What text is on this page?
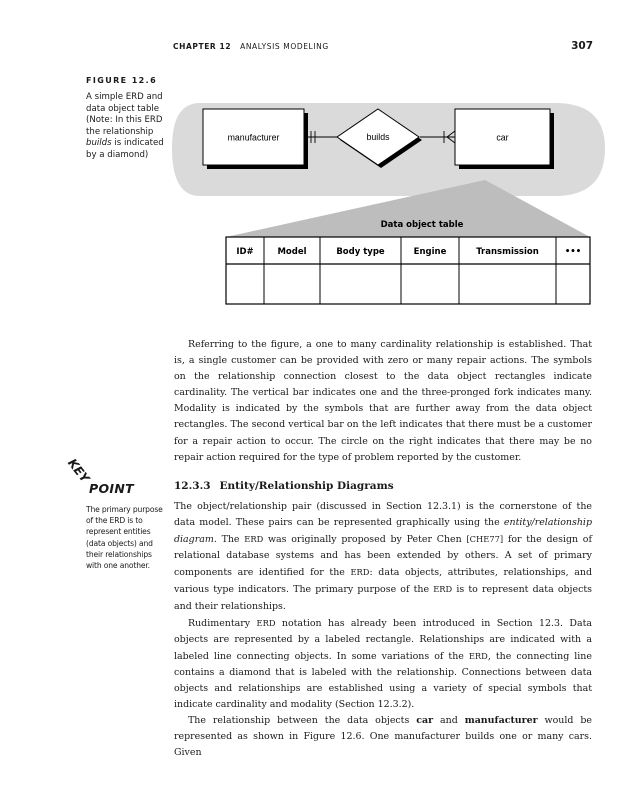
CHAPTER 12 ANALYSIS MODELING	307
FIGURE 12.6
A simple ERD and data object table (Note: In this ERD the relationship builds is indicated by a diamond)
manufacturer	car
builds
Data object table
ID#	Model	Body type	Engine	Transmission	•••

Referring to the figure, a one to many cardinality relationship is established. That is, a single customer can be provided with zero or many repair actions. The symbols on the relationship connection closest to the data object rectangles indicate cardinality. The vertical bar indicates one and the three-pronged fork indicates many. Modality is indicated by the symbols that are further away from the data object rectangles. The second vertical bar on the left indicates that there must be a customer for a repair action to occur. The circle on the right indicates that there may be no repair action required for the type of problem reported by the customer.

KEY
POINT
The primary purpose of the ERD is to represent entities (data objects) and their relationships with one another.
12.3.3 Entity/Relationship Diagrams

The object/relationship pair (discussed in Section 12.3.1) is the cornerstone of the data model. These pairs can be represented graphically using the entity/relationship diagram. The ERD was originally proposed by Peter Chen [CHE77] for the design of relational database systems and has been extended by others. A set of primary components are identified for the ERD: data objects, attributes, relationships, and various type indicators. The primary purpose of the ERD is to represent data objects and their relationships.

Rudimentary ERD notation has already been introduced in Section 12.3. Data objects are represented by a labeled rectangle. Relationships are indicated with a labeled line connecting objects. In some variations of the ERD, the connecting line contains a diamond that is labeled with the relationship. Connections between data objects and relationships are established using a variety of special symbols that indicate cardinality and modality (Section 12.3.2).

The relationship between the data objects car and manufacturer would be represented as shown in Figure 12.6. One manufacturer builds one or many cars. Given
